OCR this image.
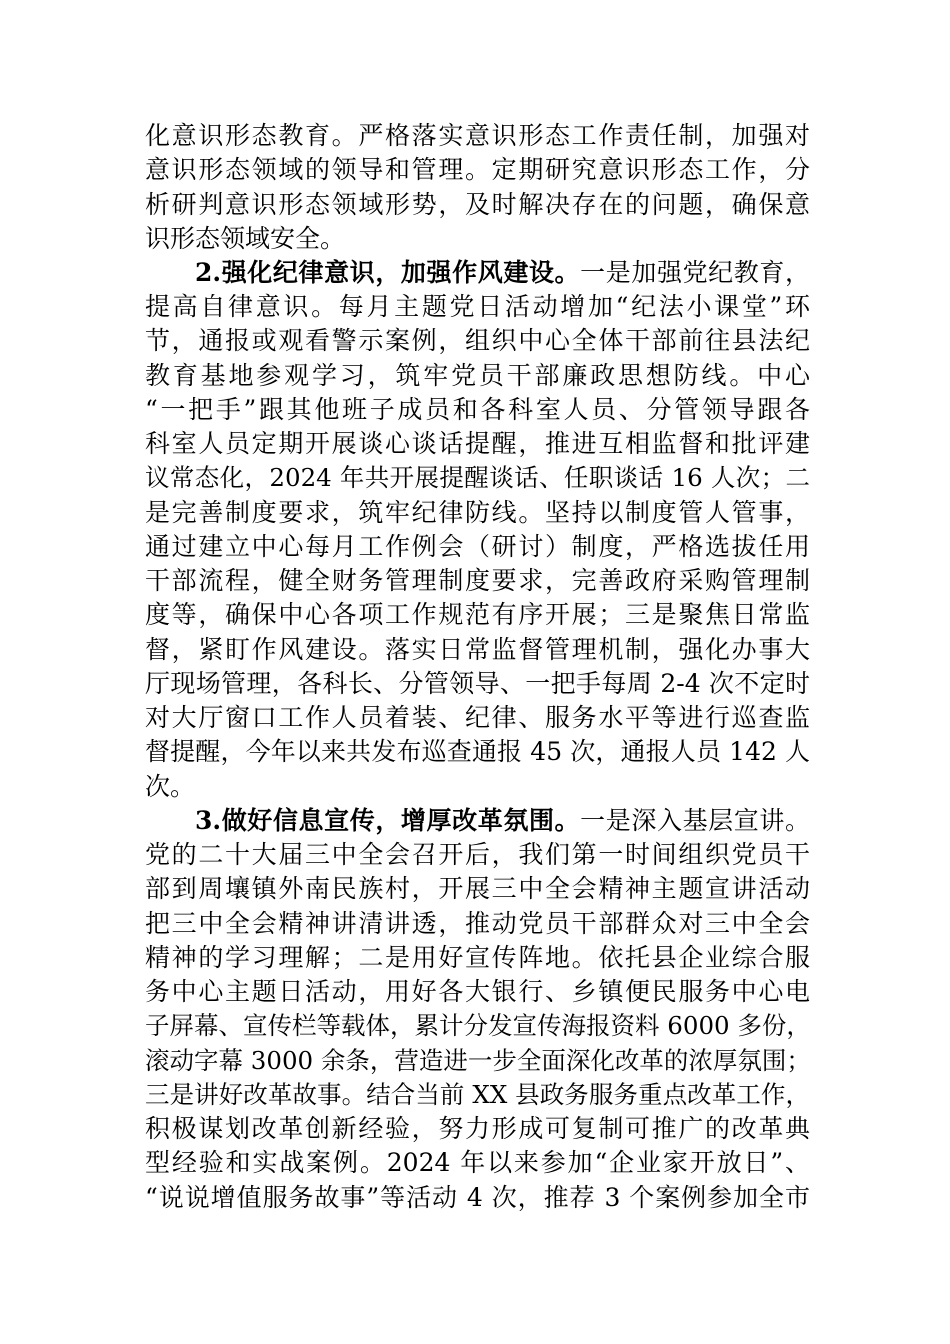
化意识形态教育。严格落实意识形态工作责任制，加强对
意识形态领域的领导和管理。定期研究意识形态工作，分
析研判意识形态领域形势，及时解决存在的问题，确保意
识形态领域安全。
2.强化纪律意识，加强作风建设。一是加强党纪教育，
提高自律意识。每月主题党日活动增加“纪法小课堂”环
节，通报或观看警示案例，组织中心全体干部前往县法纪
教育基地参观学习，筑牢党员干部廉政思想防线。中心
“一把手”跟其他班子成员和各科室人员、分管领导跟各
科室人员定期开展谈心谈话提醒，推进互相监督和批评建
议常态化，2024 年共开展提醒谈话、任职谈话 16 人次；二
是完善制度要求，筑牢纪律防线。坚持以制度管人管事，
通过建立中心每月工作例会（研讨）制度，严格选拔任用
干部流程，健全财务管理制度要求，完善政府采购管理制
度等，确保中心各项工作规范有序开展；三是聚焦日常监
督，紧盯作风建设。落实日常监督管理机制，强化办事大
厅现场管理，各科长、分管领导、一把手每周 2-4 次不定时
对大厅窗口工作人员着装、纪律、服务水平等进行巡查监
督提醒，今年以来共发布巡查通报 45 次，通报人员 142 人
次。
3.做好信息宣传，增厚改革氛围。一是深入基层宣讲。
党的二十大届三中全会召开后，我们第一时间组织党员干
部到周壤镇外南民族村，开展三中全会精神主题宣讲活动
把三中全会精神讲清讲透，推动党员干部群众对三中全会
精神的学习理解；二是用好宣传阵地。依托县企业综合服
务中心主题日活动，用好各大银行、乡镇便民服务中心电
子屏幕、宣传栏等载体，累计分发宣传海报资料 6000 多份，
滚动字幕 3000 余条，营造进一步全面深化改革的浓厚氛围；
三是讲好改革故事。结合当前 XX 县政务服务重点改革工作，
积极谋划改革创新经验，努力形成可复制可推广的改革典
型经验和实战案例。2024 年以来参加“企业家开放日”、
“说说增值服务故事”等活动 4 次，推荐 3 个案例参加全市
